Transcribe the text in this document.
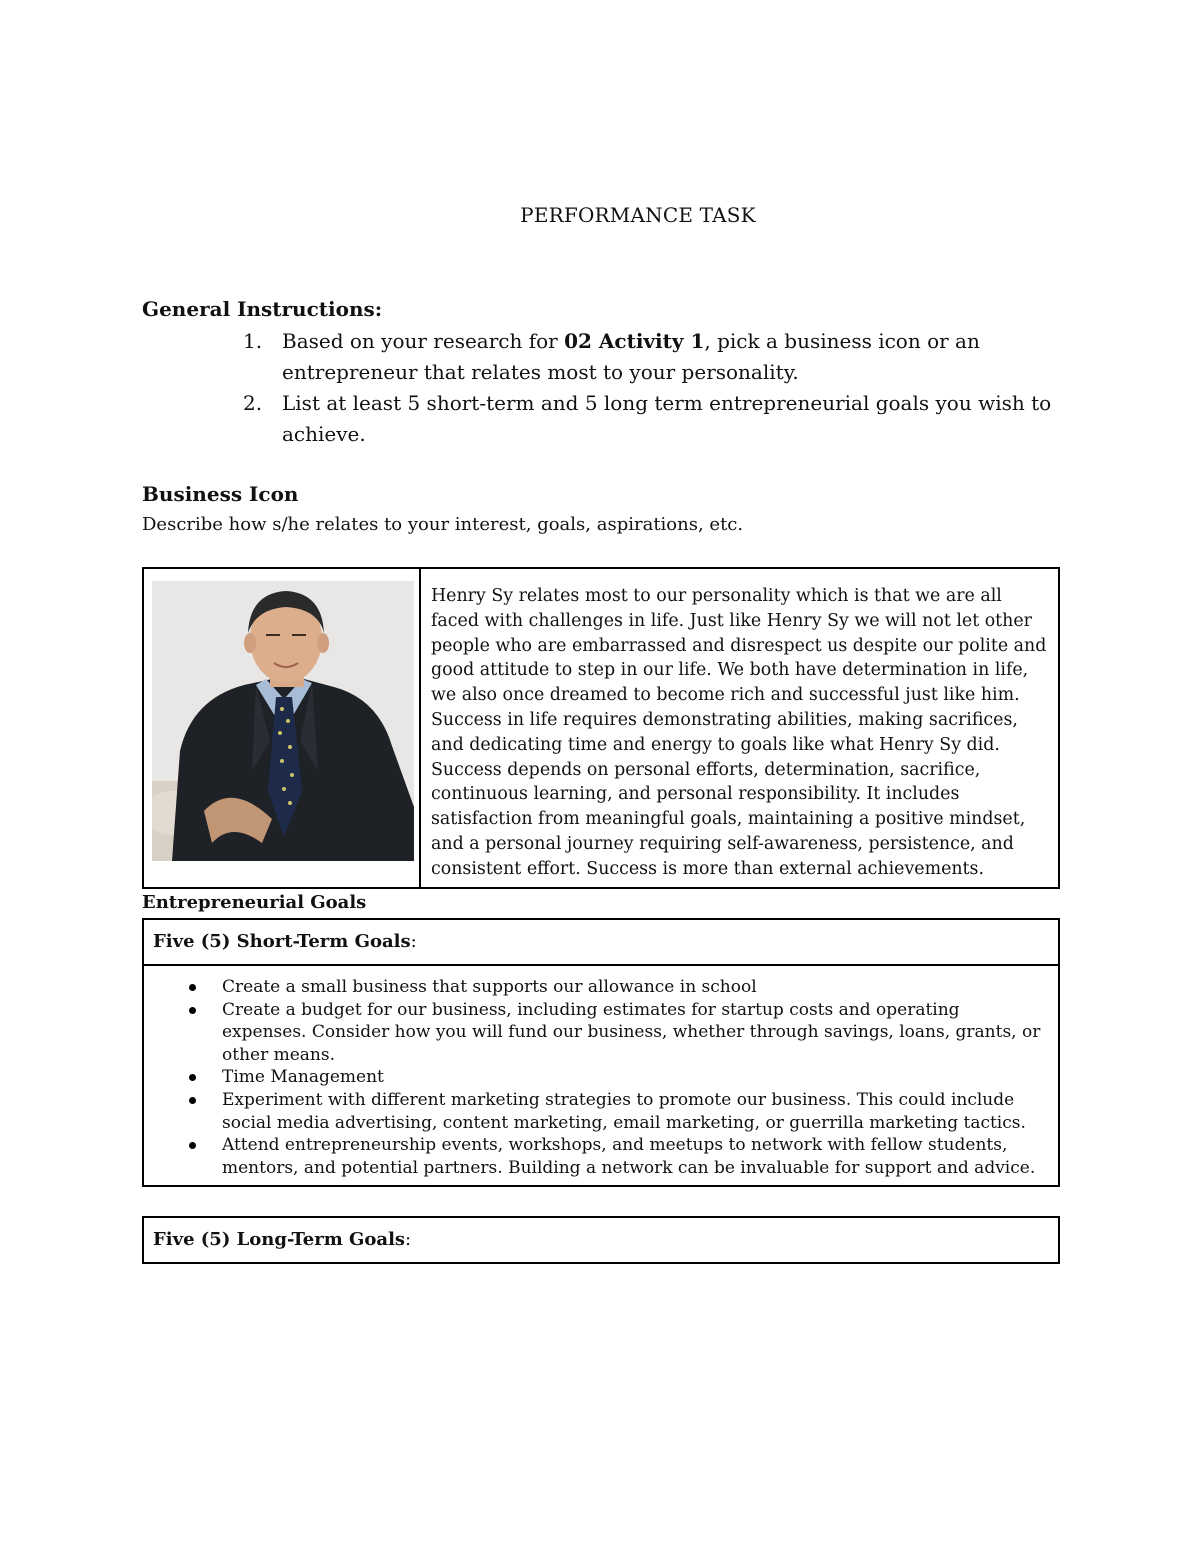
PERFORMANCE TASK
General Instructions:
1. Based on your research for 02 Activity 1, pick a business icon or an entrepreneur that relates most to your personality.
2. List at least 5 short-term and 5 long term entrepreneurial goals you wish to achieve.
Business Icon
Describe how s/he relates to your interest, goals, aspirations, etc.
Henry Sy relates most to our personality which is that we are all faced with challenges in life. Just like Henry Sy we will not let other people who are embarrassed and disrespect us despite our polite and good attitude to step in our life. We both have determination in life, we also once dreamed to become rich and successful just like him. Success in life requires demonstrating abilities, making sacrifices, and dedicating time and energy to goals like what Henry Sy did. Success depends on personal efforts, determination, sacrifice, continuous learning, and personal responsibility. It includes satisfaction from meaningful goals, maintaining a positive mindset, and a personal journey requiring self-awareness, persistence, and consistent effort. Success is more than external achievements.
Entrepreneurial Goals
Five (5) Short-Term Goals:
Create a small business that supports our allowance in school
Create a budget for our business, including estimates for startup costs and operating expenses. Consider how you will fund our business, whether through savings, loans, grants, or other means.
Time Management
Experiment with different marketing strategies to promote our business. This could include social media advertising, content marketing, email marketing, or guerrilla marketing tactics.
Attend entrepreneurship events, workshops, and meetups to network with fellow students, mentors, and potential partners. Building a network can be invaluable for support and advice.
Five (5) Long-Term Goals:
